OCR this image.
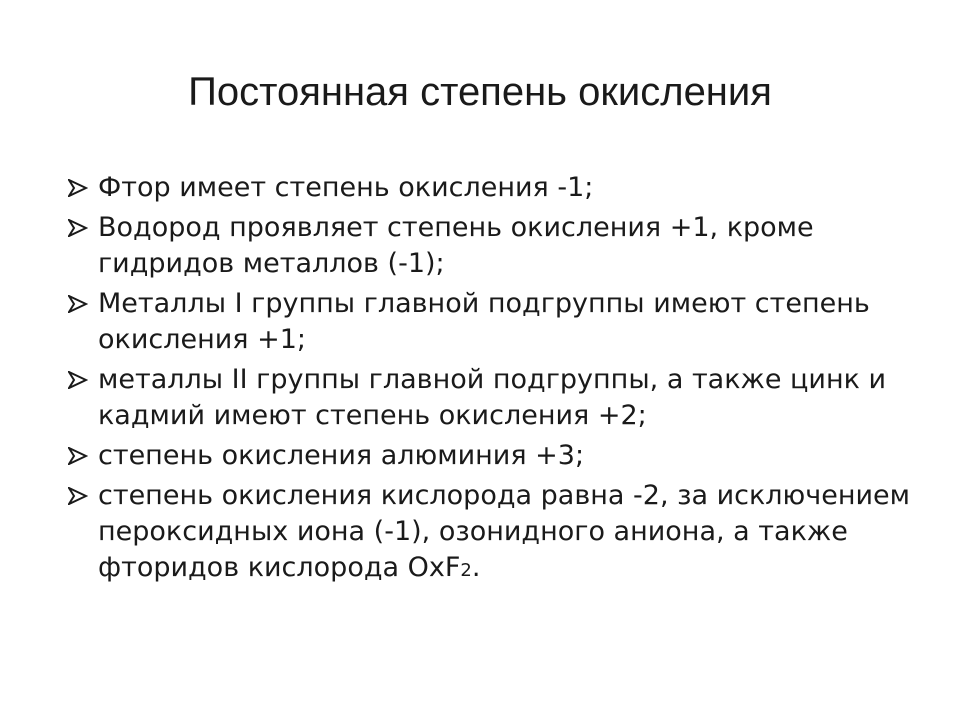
Постоянная степень окисления
Фтор имеет степень окисления -1;
Водород проявляет степень окисления +1, кроме гидридов металлов (-1);
Металлы I группы главной подгруппы имеют степень окисления +1;
металлы II группы главной подгруппы, а также цинк и кадмий имеют степень окисления +2;
степень окисления алюминия +3;
степень окисления кислорода равна -2, за исключением пероксидных иона (-1), озонидного аниона, а также фторидов кислорода OxF2.
